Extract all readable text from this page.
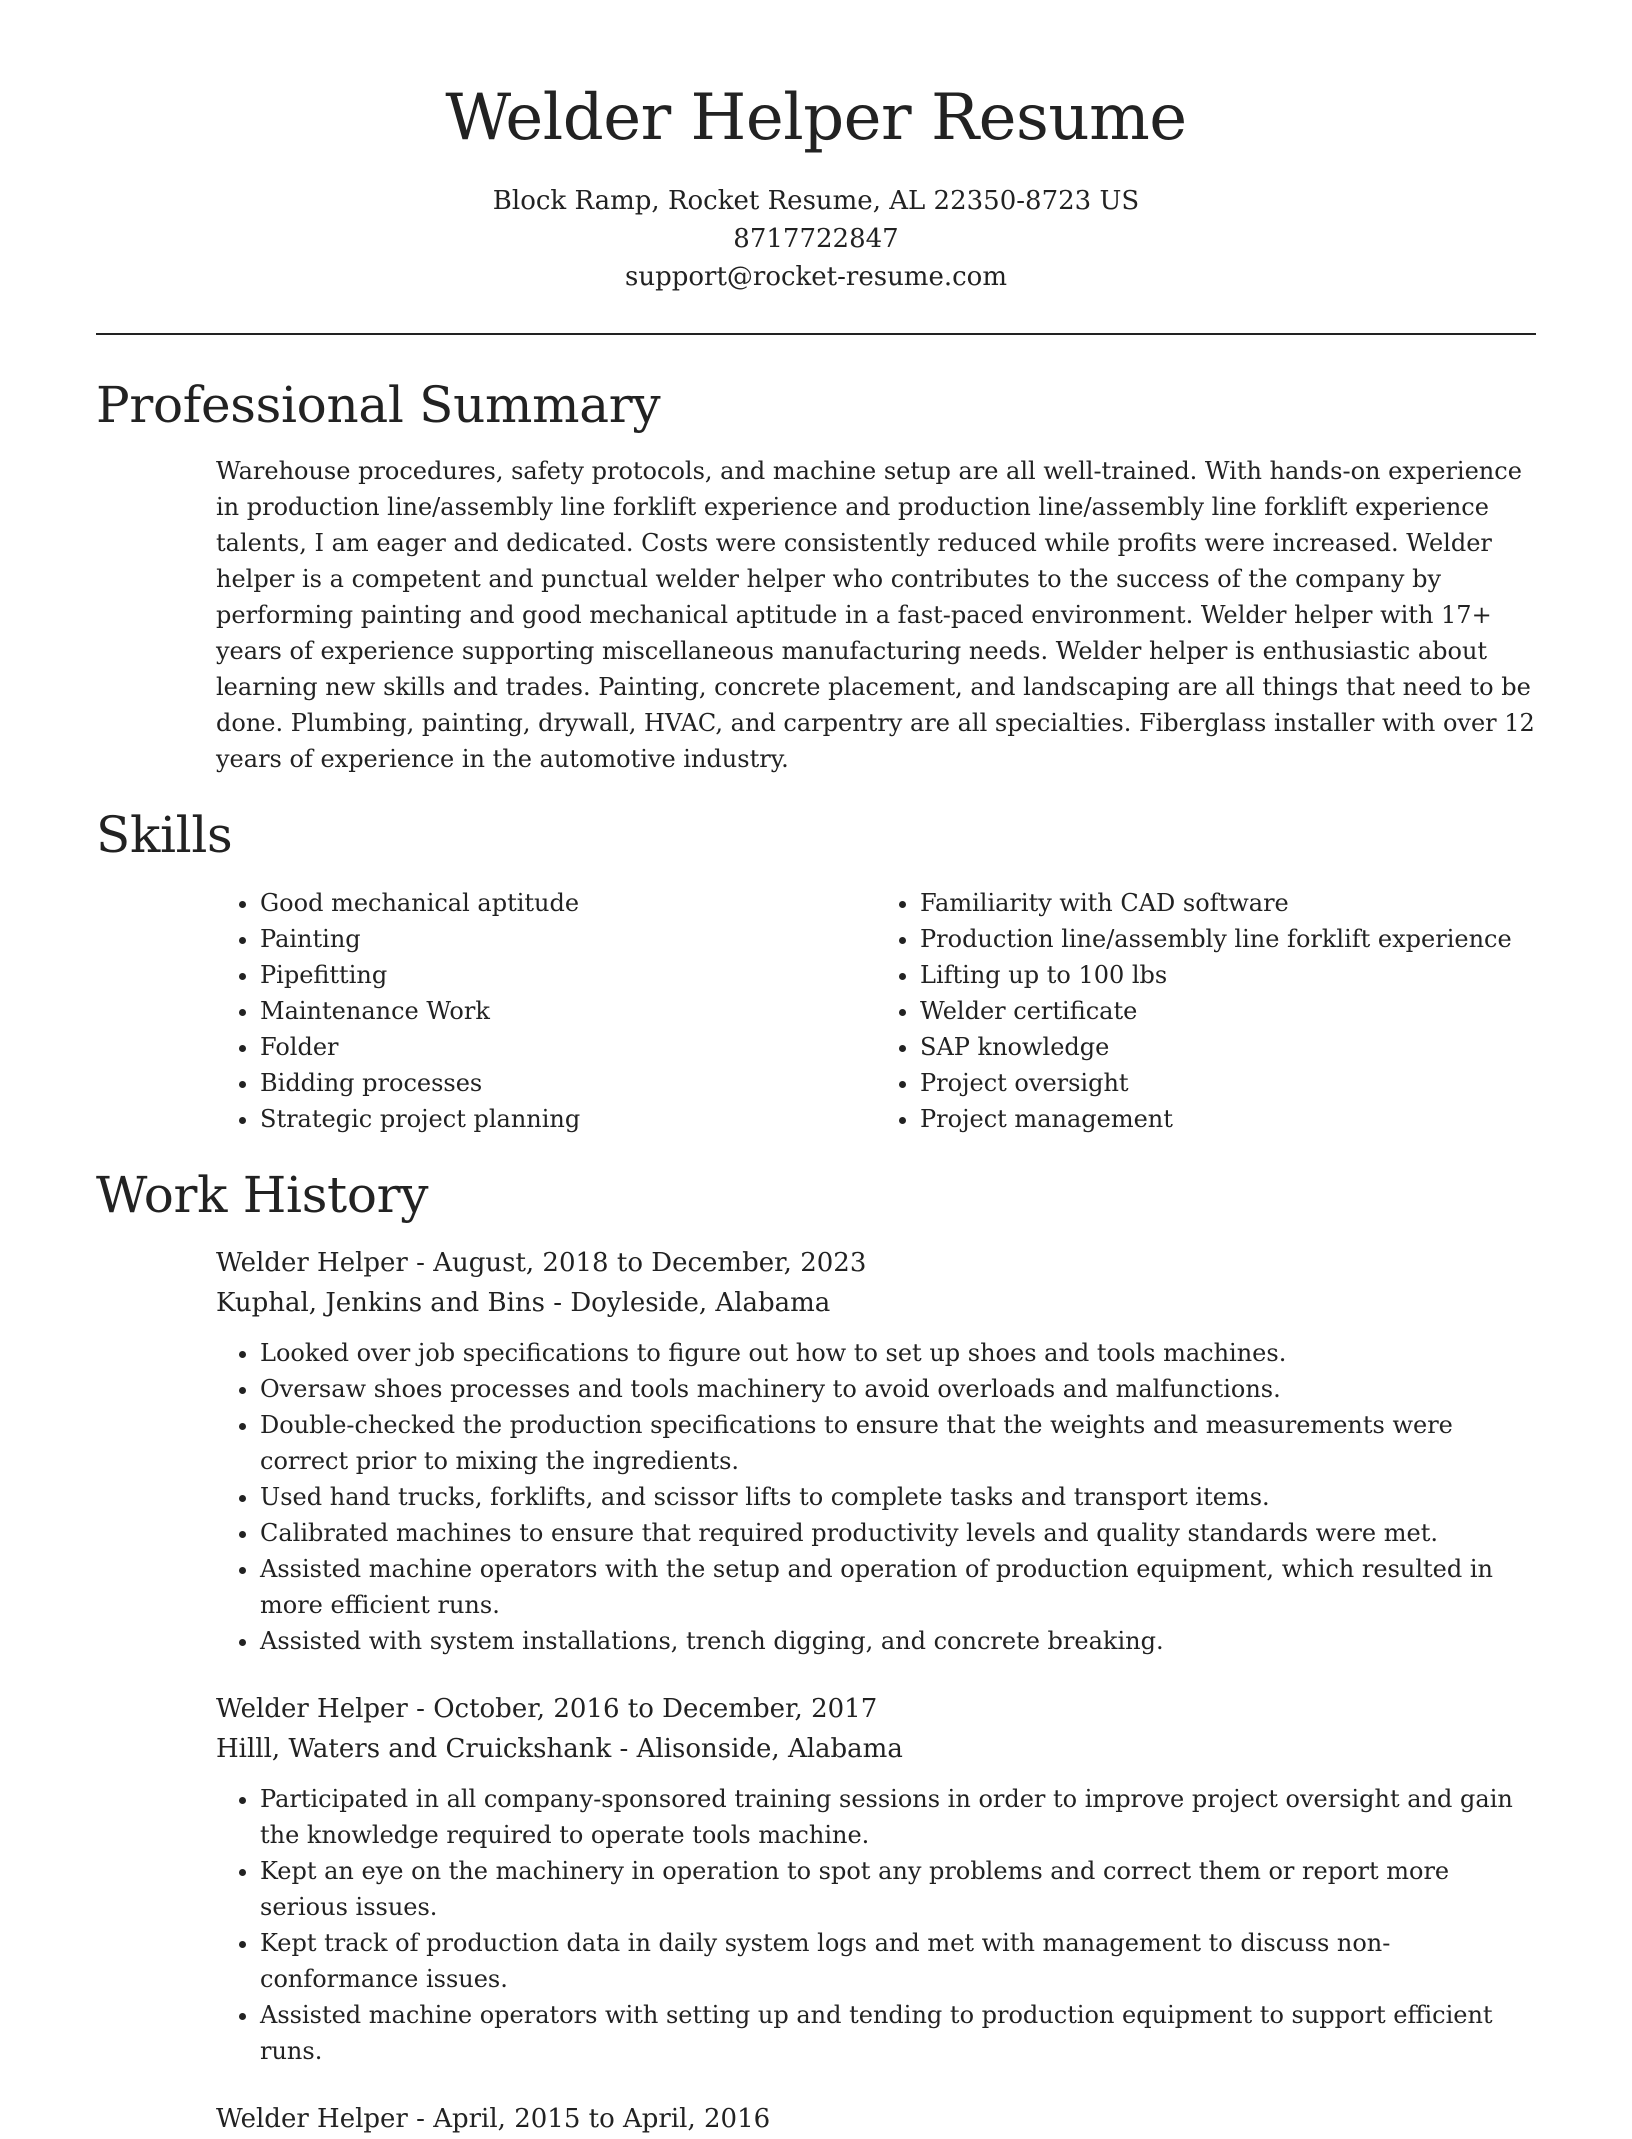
Welder Helper Resume
Block Ramp, Rocket Resume, AL 22350-8723 US
8717722847
support@rocket-resume.com
Professional Summary

Warehouse procedures, safety protocols, and machine setup are all well-trained. With hands-on experience in production line/assembly line forklift experience and production line/assembly line forklift experience talents, I am eager and dedicated. Costs were consistently reduced while profits were increased. Welder helper is a competent and punctual welder helper who contributes to the success of the company by performing painting and good mechanical aptitude in a fast-paced environment. Welder helper with 17+ years of experience supporting miscellaneous manufacturing needs. Welder helper is enthusiastic about learning new skills and trades. Painting, concrete placement, and landscaping are all things that need to be done. Plumbing, painting, drywall, HVAC, and carpentry are all specialties. Fiberglass installer with over 12 years of experience in the automotive industry.

Skills
• Good mechanical aptitude
• Painting
• Pipefitting
• Maintenance Work
• Folder
• Bidding processes
• Strategic project planning
• Familiarity with CAD software
• Production line/assembly line forklift experience
• Lifting up to 100 lbs
• Welder certificate
• SAP knowledge
• Project oversight
• Project management
Work History
Welder Helper - August, 2018 to December, 2023
Kuphal, Jenkins and Bins - Doyleside, Alabama
• Looked over job specifications to figure out how to set up shoes and tools machines.
• Oversaw shoes processes and tools machinery to avoid overloads and malfunctions.
• Double-checked the production specifications to ensure that the weights and measurements were correct prior to mixing the ingredients.
• Used hand trucks, forklifts, and scissor lifts to complete tasks and transport items.
• Calibrated machines to ensure that required productivity levels and quality standards were met.
• Assisted machine operators with the setup and operation of production equipment, which resulted in more efficient runs.
• Assisted with system installations, trench digging, and concrete breaking.
Welder Helper - October, 2016 to December, 2017
Hilll, Waters and Cruickshank - Alisonside, Alabama
• Participated in all company-sponsored training sessions in order to improve project oversight and gain the knowledge required to operate tools machine.
• Kept an eye on the machinery in operation to spot any problems and correct them or report more serious issues.
• Kept track of production data in daily system logs and met with management to discuss non-conformance issues.
• Assisted machine operators with setting up and tending to production equipment to support efficient runs.
Welder Helper - April, 2015 to April, 2016
